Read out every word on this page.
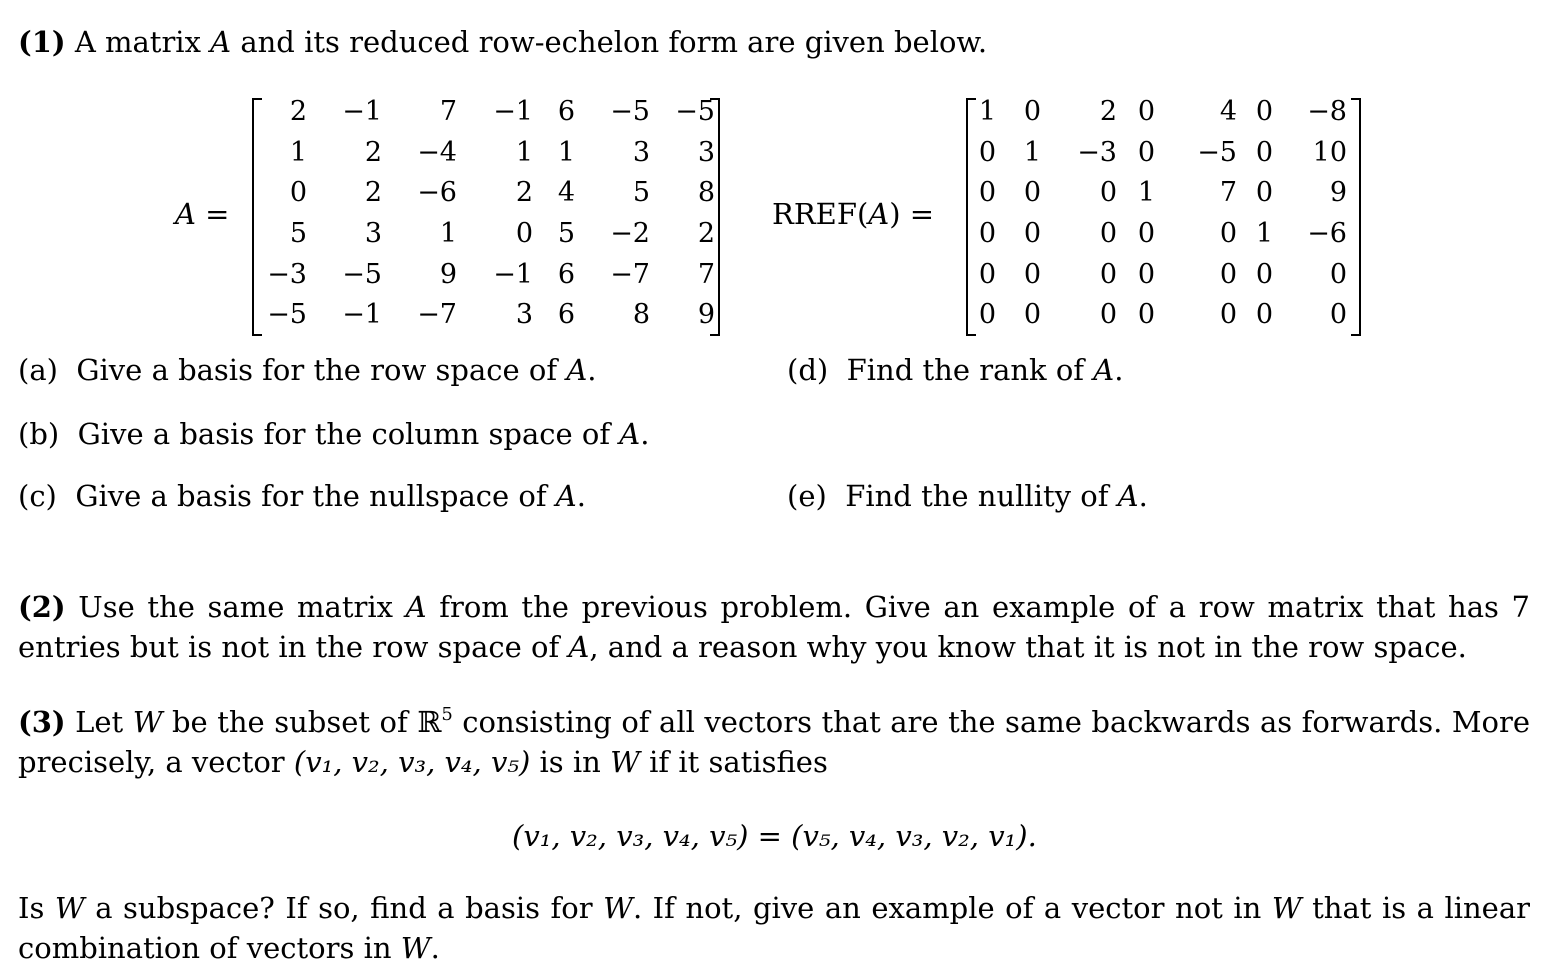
(1) A matrix A and its reduced row-echelon form are given below.
A =
2	−1	7	−1	6	−5	−5
1	2	−4	1	1	3	3
0	2	−6	2	4	5	8
5	3	1	0	5	−2	2
−3	−5	9	−1	6	−7	7
−5	−1	−7	3	6	8	9
RREF(A) =
1	0	2	0	4	0	−8
0	1	−3	0	−5	0	10
0	0	0	1	7	0	9
0	0	0	0	0	1	−6
0	0	0	0	0	0	0
0	0	0	0	0	0	0
(a) Give a basis for the row space of A.
(b) Give a basis for the column space of A.
(c) Give a basis for the nullspace of A.
(d) Find the rank of A.
(e) Find the nullity of A.
(2) Use the same matrix A from the previous problem. Give an example of a row matrix that has 7 entries but is not in the row space of A, and a reason why you know that it is not in the row space.
(3) Let W be the subset of ℝ$^5$ consisting of all vectors that are the same backwards as forwards. More precisely, a vector (v₁, v₂, v₃, v₄, v₅) is in W if it satisfies
(v₁, v₂, v₃, v₄, v₅) = (v₅, v₄, v₃, v₂, v₁).
Is W a subspace? If so, find a basis for W. If not, give an example of a vector not in W that is a linear combination of vectors in W.
